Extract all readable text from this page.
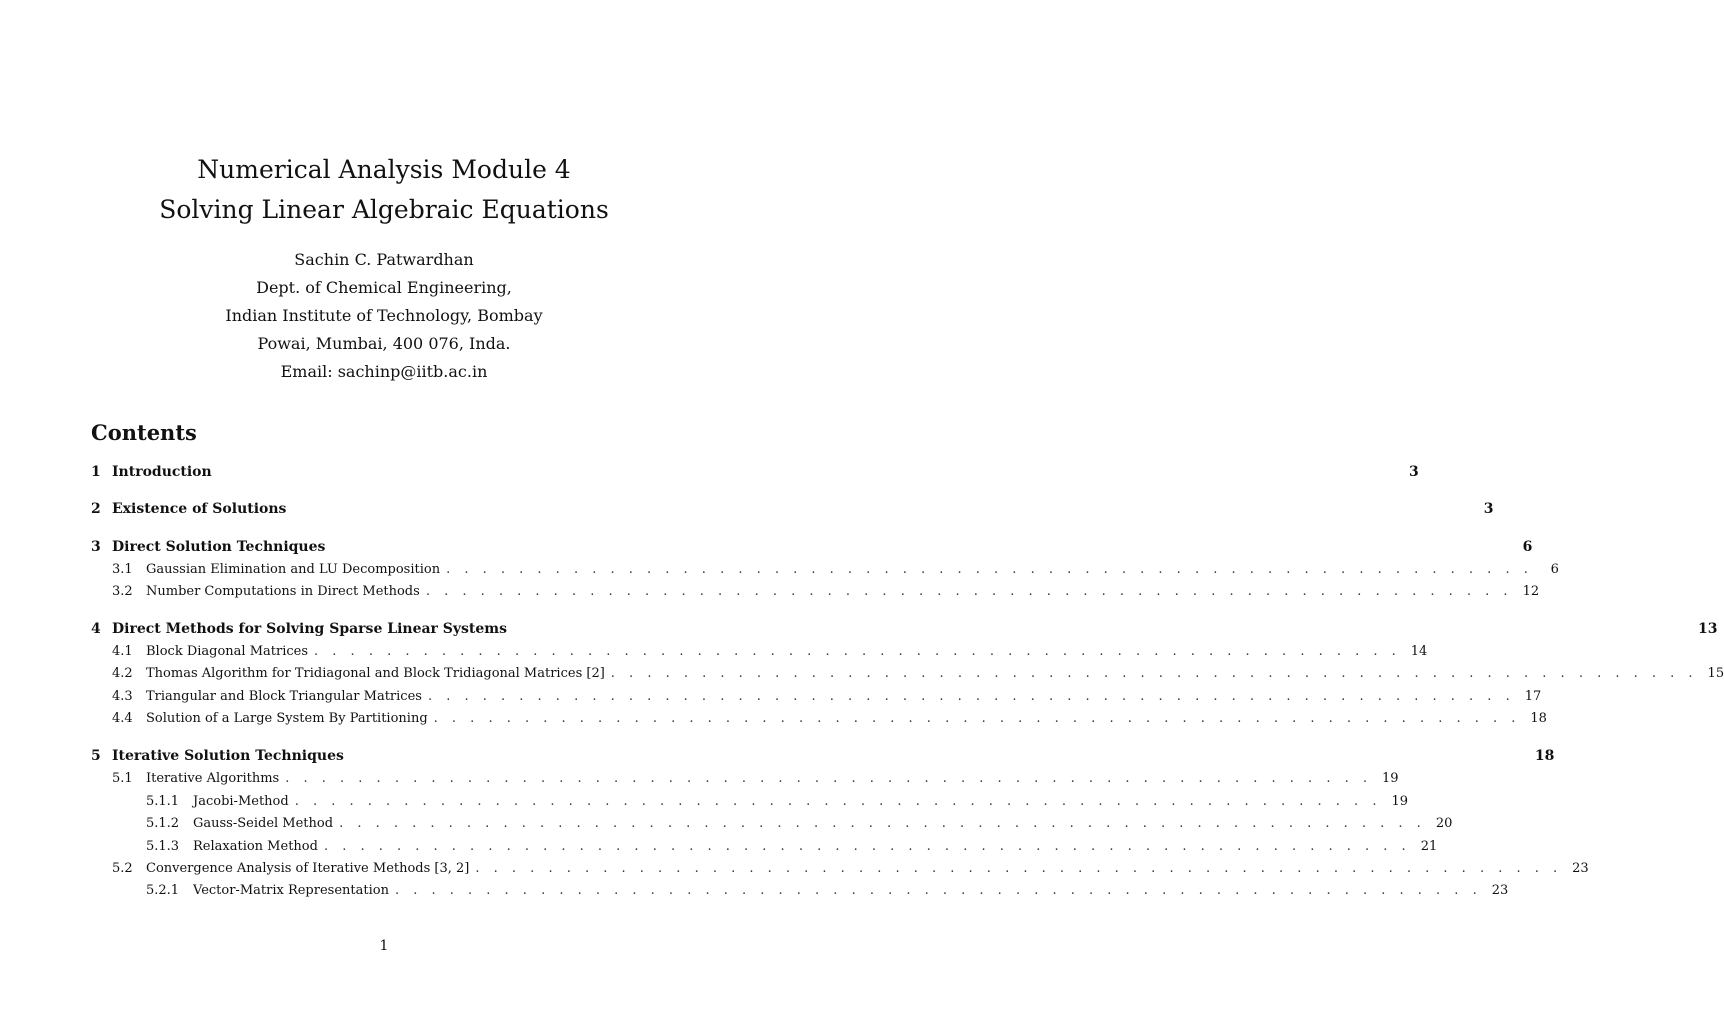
Numerical Analysis Module 4
Solving Linear Algebraic Equations
Sachin C. Patwardhan
Dept. of Chemical Engineering,
Indian Institute of Technology, Bombay
Powai, Mumbai, 400 076, Inda.
Email: sachinp@iitb.ac.in
Contents
1 Introduction	3
2 Existence of Solutions	3
3 Direct Solution Techniques	6
3.1	Gaussian Elimination and LU Decomposition . . . . . . . . . . . . . . . . . . . . . . . . . . . . . . . . . . . . . . . . . . . . . . . . . . . . . . . . . . . .	6
3.2	Number Computations in Direct Methods . . . . . . . . . . . . . . . . . . . . . . . . . . . . . . . . . . . . . . . . . . . . . . . . . . . . . . . . . . . . 12
4 Direct Methods for Solving Sparse Linear Systems	13
4.1	Block Diagonal Matrices . . . . . . . . . . . . . . . . . . . . . . . . . . . . . . . . . . . . . . . . . . . . . . . . . . . . . . . . . . . . 14
4.2	Thomas Algorithm for Tridiagonal and Block Tridiagonal Matrices [2] . . . . . . . . . . . . . . . . . . . . . . . . . . . . . . . . . . . . . . . . . . . . . . . . . . . . . . . . . . . . 15
4.3	Triangular and Block Triangular Matrices . . . . . . . . . . . . . . . . . . . . . . . . . . . . . . . . . . . . . . . . . . . . . . . . . . . . . . . . . . . . 17
4.4	Solution of a Large System By Partitioning . . . . . . . . . . . . . . . . . . . . . . . . . . . . . . . . . . . . . . . . . . . . . . . . . . . . . . . . . . . . 18
5 Iterative Solution Techniques	18
5.1	Iterative Algorithms . . . . . . . . . . . . . . . . . . . . . . . . . . . . . . . . . . . . . . . . . . . . . . . . . . . . . . . . . . . . 19
5.1.1	Jacobi-Method . . . . . . . . . . . . . . . . . . . . . . . . . . . . . . . . . . . . . . . . . . . . . . . . . . . . . . . . . . . . 19
5.1.2	Gauss-Seidel Method . . . . . . . . . . . . . . . . . . . . . . . . . . . . . . . . . . . . . . . . . . . . . . . . . . . . . . . . . . . . 20
5.1.3	Relaxation Method . . . . . . . . . . . . . . . . . . . . . . . . . . . . . . . . . . . . . . . . . . . . . . . . . . . . . . . . . . . . 21
5.2	Convergence Analysis of Iterative Methods [3, 2] . . . . . . . . . . . . . . . . . . . . . . . . . . . . . . . . . . . . . . . . . . . . . . . . . . . . . . . . . . . . 23
5.2.1	Vector-Matrix Representation . . . . . . . . . . . . . . . . . . . . . . . . . . . . . . . . . . . . . . . . . . . . . . . . . . . . . . . . . . . . 23
1
